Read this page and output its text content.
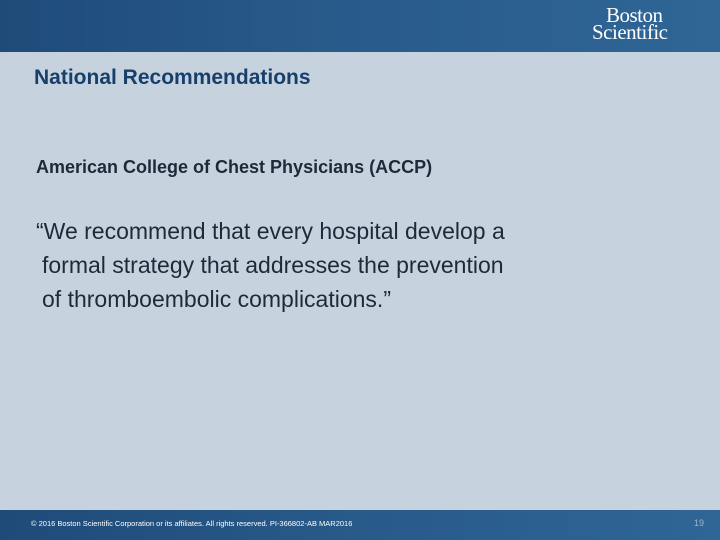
Boston
Scientific
National Recommendations
American College of Chest Physicians (ACCP)

“We recommend that every hospital develop a
formal strategy that addresses the prevention
of thromboembolic complications.”

© 2016 Boston Scientific Corporation or its affiliates. All rights reserved. PI-366802-AB MAR2016	19
